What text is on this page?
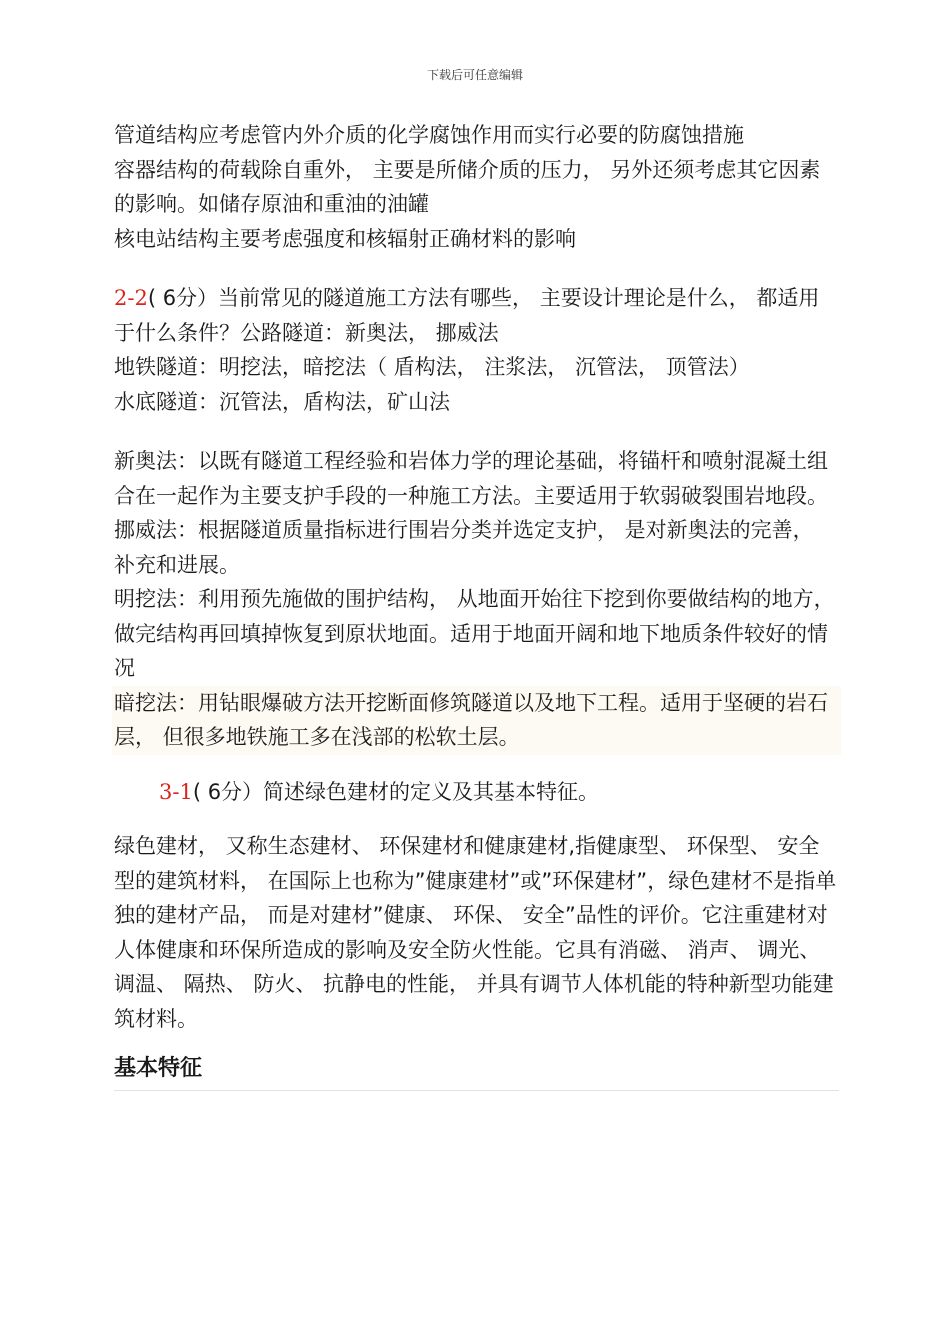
下载后可任意编辑

管道结构应考虑管内外介质的化学腐蚀作用而实行必要的防腐蚀措施

容器结构的荷载除自重外， 主要是所储介质的压力， 另外还须考虑其它因素的影响。如储存原油和重油的油罐

核电站结构主要考虑强度和核辐射正确材料的影响

2-2( 6分）当前常见的隧道施工方法有哪些， 主要设计理论是什么， 都适用于什么条件？公路隧道：新奥法， 挪威法

地铁隧道：明挖法，暗挖法（ 盾构法， 注浆法， 沉管法， 顶管法）

水底隧道：沉管法，盾构法，矿山法

新奥法：以既有隧道工程经验和岩体力学的理论基础，将锚杆和喷射混凝土组合在一起作为主要支护手段的一种施工方法。主要适用于软弱破裂围岩地段。

挪威法：根据隧道质量指标进行围岩分类并选定支护， 是对新奥法的完善， 补充和进展。

明挖法：利用预先施做的围护结构， 从地面开始往下挖到你要做结构的地方， 做完结构再回填掉恢复到原状地面。适用于地面开阔和地下地质条件较好的情况

暗挖法：用钻眼爆破方法开挖断面修筑隧道以及地下工程。适用于坚硬的岩石层， 但很多地铁施工多在浅部的松软土层。

3-1( 6分）简述绿色建材的定义及其基本特征。

绿色建材， 又称生态建材、 环保建材和健康建材,指健康型、 环保型、 安全型的建筑材料， 在国际上也称为”健康建材”或”环保建材”，绿色建材不是指单独的建材产品， 而是对建材”健康、 环保、 安全”品性的评价。它注重建材对人体健康和环保所造成的影响及安全防火性能。它具有消磁、 消声、 调光、 调温、 隔热、 防火、 抗静电的性能， 并具有调节人体机能的特种新型功能建筑材料。

基本特征
